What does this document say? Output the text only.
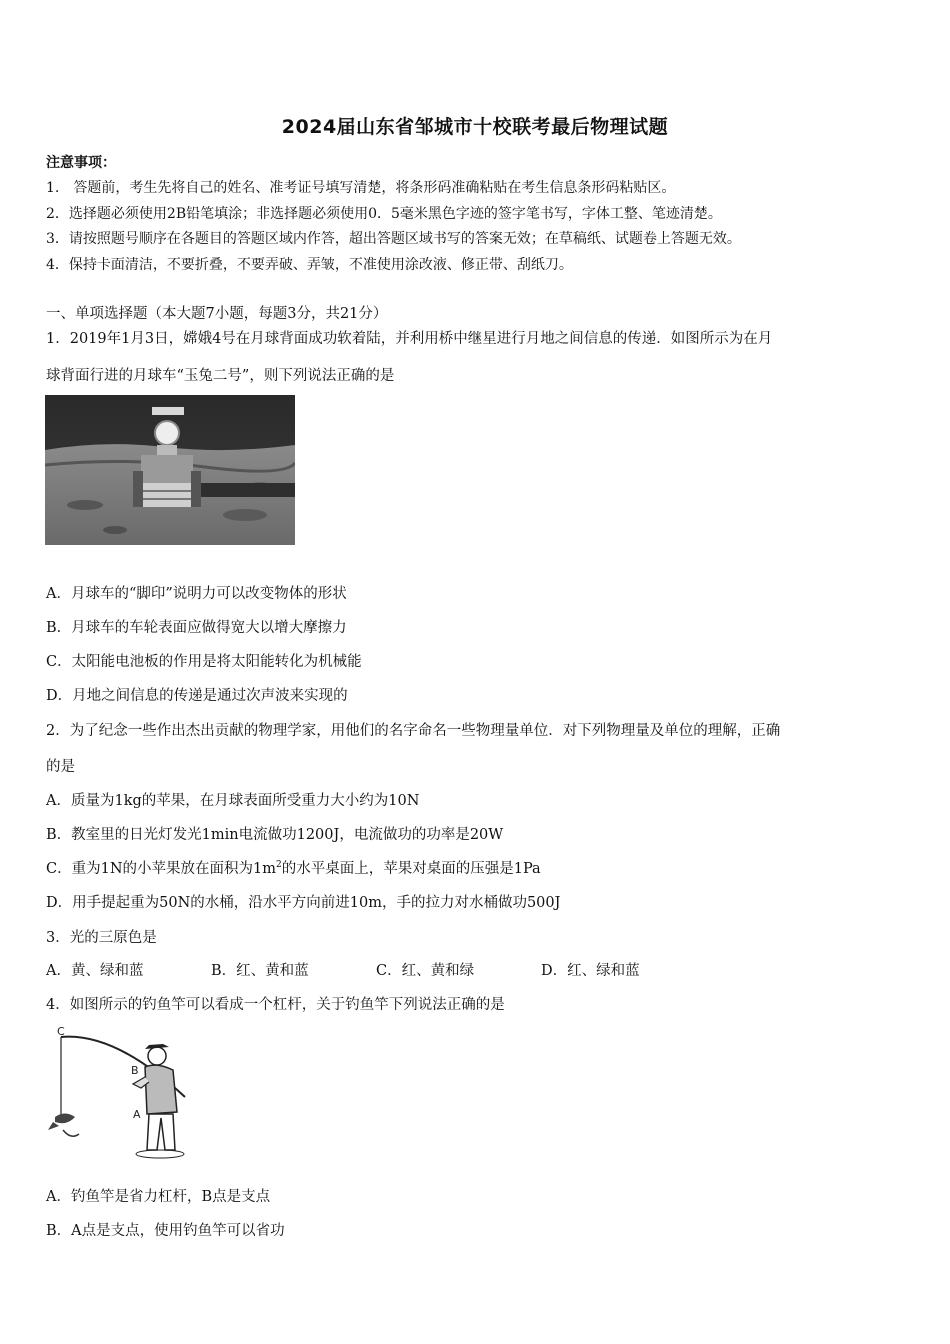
2024届山东省邹城市十校联考最后物理试题
注意事项：
1.　答题前，考生先将自己的姓名、准考证号填写清楚，将条形码准确粘贴在考生信息条形码粘贴区。
2．选择题必须使用2B铅笔填涂；非选择题必须使用0．5毫米黑色字迹的签字笔书写，字体工整、笔迹清楚。
3．请按照题号顺序在各题目的答题区域内作答，超出答题区域书写的答案无效；在草稿纸、试题卷上答题无效。
4．保持卡面清洁，不要折叠，不要弄破、弄皱，不准使用涂改液、修正带、刮纸刀。
一、单项选择题（本大题7小题，每题3分，共21分）
1．2019年1月3日，嫦娥4号在月球背面成功软着陆，并利用桥中继星进行月地之间信息的传递．如图所示为在月
球背面行进的月球车“玉兔二号”，则下列说法正确的是
A．月球车的“脚印”说明力可以改变物体的形状
B．月球车的车轮表面应做得宽大以增大摩擦力
C．太阳能电池板的作用是将太阳能转化为机械能
D．月地之间信息的传递是通过次声波来实现的
2．为了纪念一些作出杰出贡献的物理学家，用他们的名字命名一些物理量单位．对下列物理量及单位的理解，正确
的是
A．质量为1kg的苹果，在月球表面所受重力大小约为10N
B．教室里的日光灯发光1min电流做功1200J，电流做功的功率是20W
C．重为1N的小苹果放在面积为$1m^2$的水平桌面上，苹果对桌面的压强是1Pa
D．用手提起重为50N的水桶，沿水平方向前进10m，手的拉力对水桶做功500J
3．光的三原色是
A．黄、绿和蓝	B．红、黄和蓝	C．红、黄和绿	D．红、绿和蓝
4．如图所示的钓鱼竿可以看成一个杠杆，关于钓鱼竿下列说法正确的是
C
B
A
A．钓鱼竿是省力杠杆，B点是支点
B．A点是支点，使用钓鱼竿可以省功
